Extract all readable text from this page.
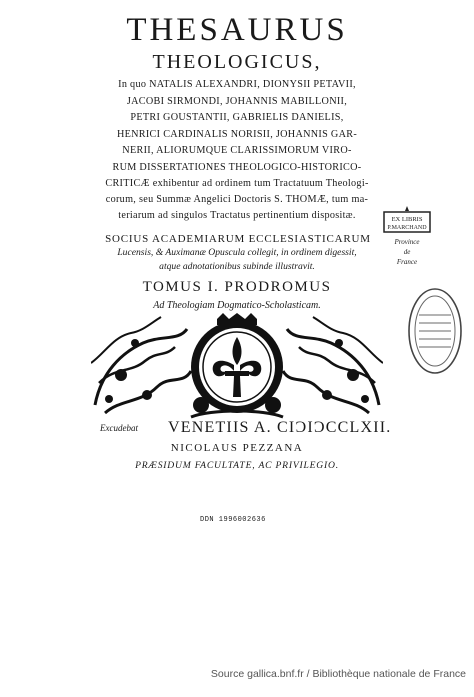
THESAURUS
THEOLOGICUS,
In quo NATALIS ALEXANDRI, DIONYSII PETAVII,
JACOBI SIRMONDI, JOHANNIS MABILLONII,
PETRI GOUSTANTII, GABRIELIS DANIELIS,
HENRICI CARDINALIS NORISII, JOHANNIS GAR-
NERII, ALIORUMQUE CLARISSIMORUM VIRO-
RUM DISSERTATIONES THEOLOGICO-HISTORICO-
CRITICÆ exhibentur ad ordinem tum Tractatuum Theologi-
corum, seu Summæ Angelici Doctoris S. THOMÆ, tum ma-
teriarum ad singulos Tractatus pertinentium dispositæ.
SOCIUS ACADEMIARUM ECCLESIASTICARUM
Lucensis, & Auximanæ Opuscula collegit, in ordinem digessit,
atque adnotationibus subinde illustravit.
TOMUS I. PRODROMUS
Ad Theologiam Dogmatico-Scholasticam.
Excudebat VENETIIS A. CIƆIƆCCLXII.
NICOLAUS PEZZANA
PRÆSIDUM FACULTATE, AC PRIVILEGIO.
DDN 1996002636
EX LIBRIS
P.MARCHAND
Province
de
France
Source gallica.bnf.fr / Bibliothèque nationale de France
